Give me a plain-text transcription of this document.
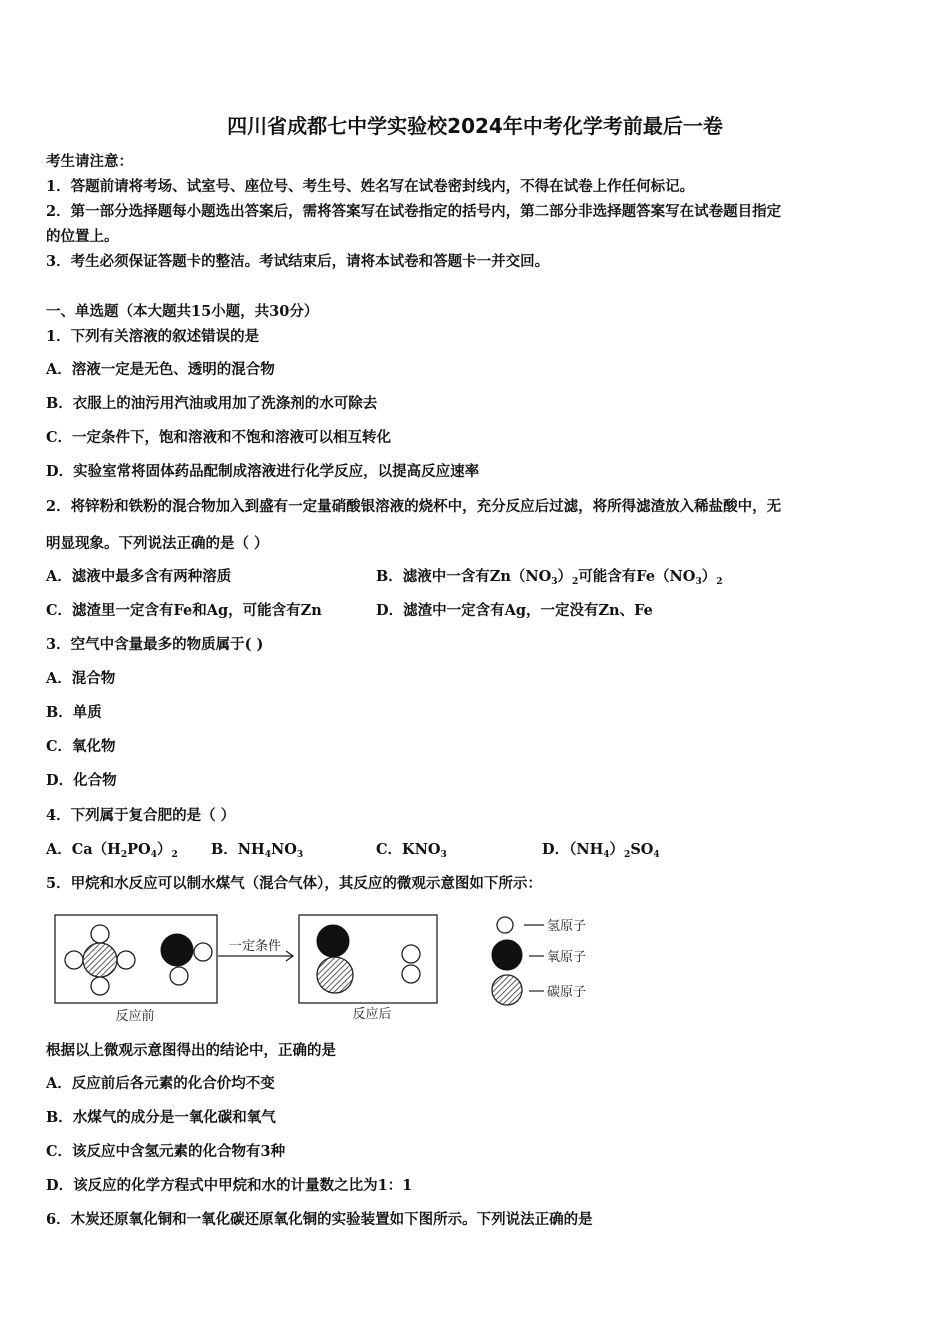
四川省成都七中学实验校2024年中考化学考前最后一卷
考生请注意：
1．答题前请将考场、试室号、座位号、考生号、姓名写在试卷密封线内，不得在试卷上作任何标记。
2．第一部分选择题每小题选出答案后，需将答案写在试卷指定的括号内，第二部分非选择题答案写在试卷题目指定
的位置上。
3．考生必须保证答题卡的整洁。考试结束后，请将本试卷和答题卡一并交回。
一、单选题（本大题共15小题，共30分）
1．下列有关溶液的叙述错误的是
A．溶液一定是无色、透明的混合物
B．衣服上的油污用汽油或用加了洗涤剂的水可除去
C．一定条件下，饱和溶液和不饱和溶液可以相互转化
D．实验室常将固体药品配制成溶液进行化学反应，以提高反应速率
2．将锌粉和铁粉的混合物加入到盛有一定量硝酸银溶液的烧杯中，充分反应后过滤，将所得滤渣放入稀盐酸中，无
明显现象。下列说法正确的是（ ）
A．滤液中最多含有两种溶质	B．滤液中一含有$Zn(NO_3)_2$可能含有$Fe(NO_3)_2$
C．滤渣里一定含有Fe和Ag，可能含有Zn	D．滤渣中一定含有Ag，一定没有Zn、Fe
3．空气中含量最多的物质属于( )
A．混合物
B．单质
C．氧化物
D．化合物
4．下列属于复合肥的是（ ）
A．$Ca(H_2PO_4)_2$ B．$NH_4NO_3$	C．$KNO_3$	D．$(NH_4)_2SO_4$
5．甲烷和水反应可以制水煤气（混合气体），其反应的微观示意图如下所示：
一定条件
反应前	反应后
氢原子
氧原子
碳原子
根据以上微观示意图得出的结论中，正确的是
A．反应前后各元素的化合价均不变
B．水煤气的成分是一氧化碳和氧气
C．该反应中含氢元素的化合物有3种
D．该反应的化学方程式中甲烷和水的计量数之比为1：1
6．木炭还原氧化铜和一氧化碳还原氧化铜的实验装置如下图所示。下列说法正确的是
